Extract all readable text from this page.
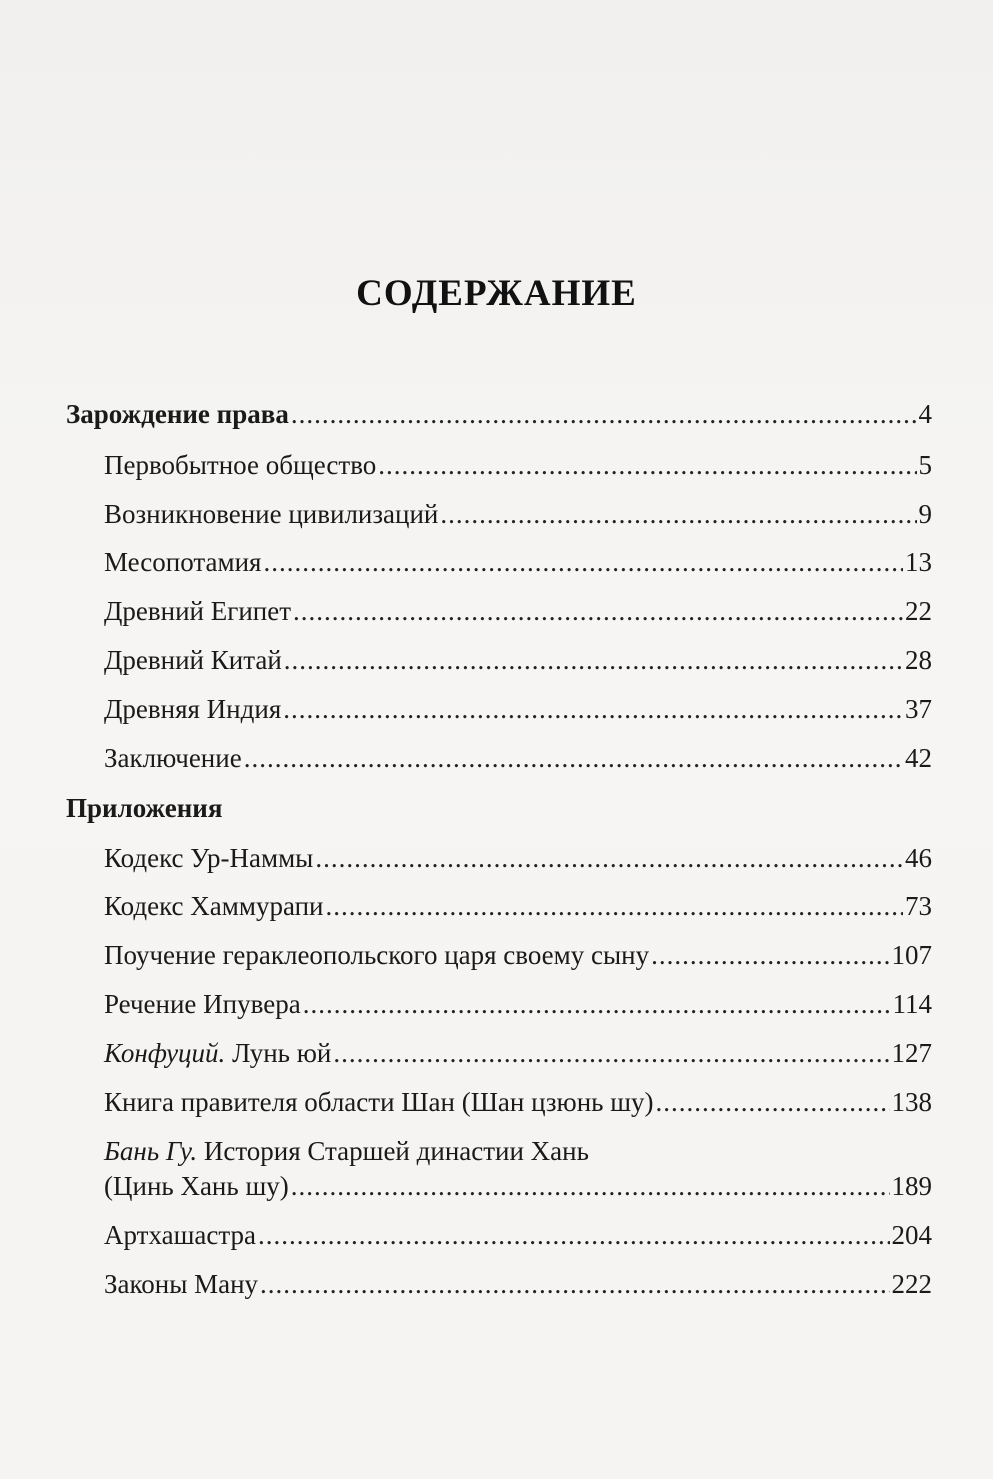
СОДЕРЖАНИЕ
Зарождение права .....	4
Первобытное общество .....	5
Возникновение цивилизаций .....	9
Месопотамия .....	13
Древний Египет .....	22
Древний Китай .....	28
Древняя Индия .....	37
Заключение .....	42
Приложения
Кодекс Ур-Наммы .....	46
Кодекс Хаммурапи .....	73
Поучение гераклеопольского царя своему сыну .....	107
Речение Ипувера .....	114
Конфуций. Лунь юй .....	127
Книга правителя области Шан (Шан цзюнь шу) .....	138
Бань Гу. История Старшей династии Хань
(Цинь Хань шу) .....	189
Артхашастра .....	204
Законы Ману .....	222
